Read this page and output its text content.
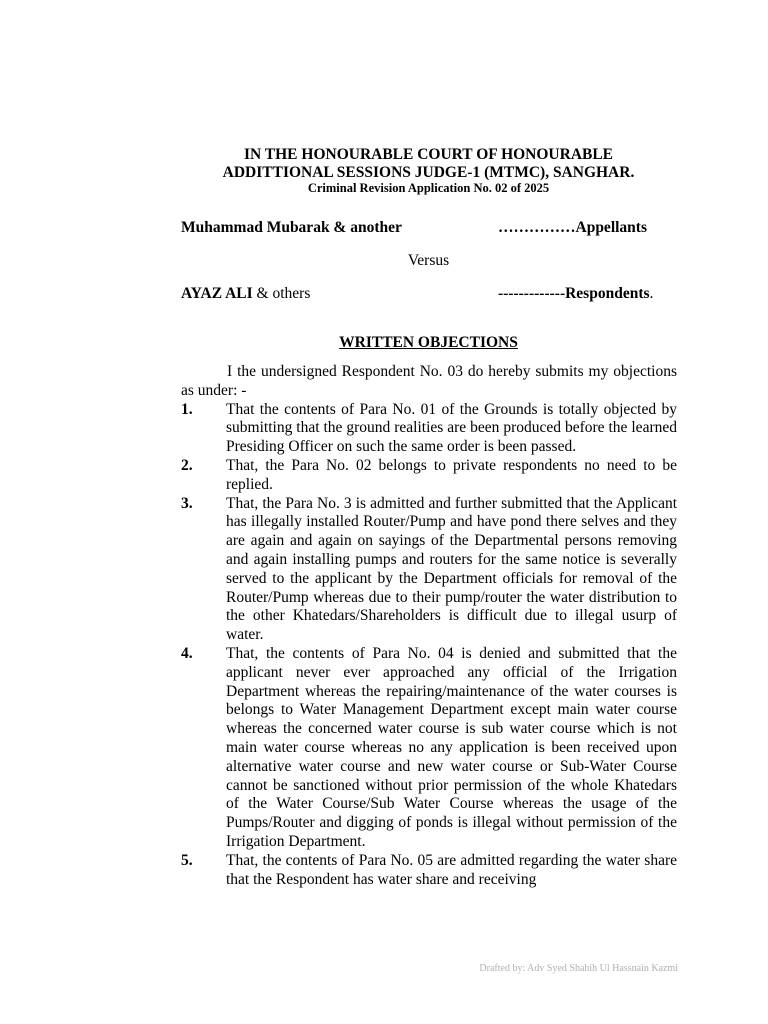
IN THE HONOURABLE COURT OF HONOURABLE
ADDITTIONAL SESSIONS JUDGE-1 (MTMC), SANGHAR.
Criminal Revision Application No. 02 of 2025
Muhammad Mubarak & another	……………Appellants
Versus
AYAZ ALI & others	-------------Respondents.
WRITTEN OBJECTIONS

I the undersigned Respondent No. 03 do hereby submits my objections as under: -

1. That the contents of Para No. 01 of the Grounds is totally objected by submitting that the ground realities are been produced before the learned Presiding Officer on such the same order is been passed.
2. That, the Para No. 02 belongs to private respondents no need to be replied.
3. That, the Para No. 3 is admitted and further submitted that the Applicant has illegally installed Router/Pump and have pond there selves and they are again and again on sayings of the Departmental persons removing and again installing pumps and routers for the same notice is severally served to the applicant by the Department officials for removal of the Router/Pump whereas due to their pump/router the water distribution to the other Khatedars/Shareholders is difficult due to illegal usurp of water.
4. That, the contents of Para No. 04 is denied and submitted that the applicant never ever approached any official of the Irrigation Department whereas the repairing/maintenance of the water courses is belongs to Water Management Department except main water course whereas the concerned water course is sub water course which is not main water course whereas no any application is been received upon alternative water course and new water course or Sub-Water Course cannot be sanctioned without prior permission of the whole Khatedars of the Water Course/Sub Water Course whereas the usage of the Pumps/Router and digging of ponds is illegal without permission of the Irrigation Department.
5. That, the contents of Para No. 05 are admitted regarding the water share that the Respondent has water share and receiving
Drafted by: Adv Syed Shahih Ul Hassnain Kazmi
